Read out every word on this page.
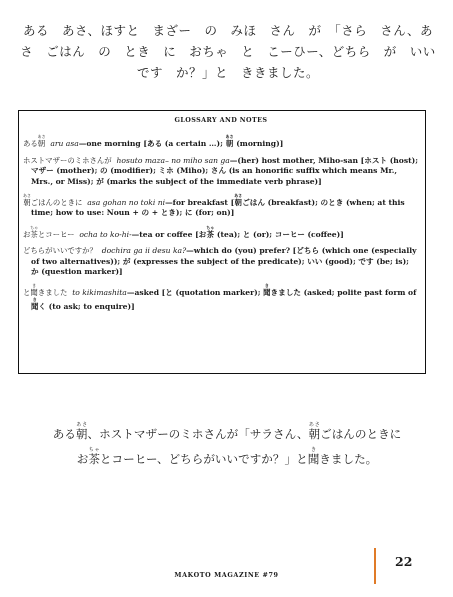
ある　あさ、ほすと　まざー　の　みほ　さん　が　「さら　さん、あ
さ　ごはん　の　とき　に　おちゃ　と　こーひー、どちら　が　いい
です　か？」と　ききました。
GLOSSARY AND NOTES
ある朝あさ  aru asa—one morning [ある (a certain …); 朝あさ (morning)]
ホストマザーのミホさんが hosuto maza– no miho san ga—(her) host mother, Miho-san [ホスト (host); マザー (mother); の (modifier); ミホ (Miho); さん (is an honorific suffix which means Mr., Mrs., or Miss); が (marks the subject of the immediate verb phrase)]
朝あさごはんのときに asa gohan no toki ni—for breakfast [朝あさごはん (breakfast); のとき (when; at this time; how to use: Noun + の + とき); に (for; on)]
お茶ちゃとコーヒー ocha to ko-hi-—tea or coffee [お茶ちゃ (tea); と (or); コーヒー (coffee)]
どちらがいいですか？ dochira ga ii desu ka?—which do (you) prefer? [どちら (which one (especially of two alternatives)); が (expresses the subject of the predicate); いい (good); です (be; is); か (question marker)]
と聞ききました to kikimashita—asked [と (quotation marker); 聞ききました (asked; polite past form of 聞きく (to ask; to enquire)]
ある朝あさ、ホストマザーのミホさんが「サラさん、朝あさごはんのときに
お茶ちゃとコーヒー、どちらがいいですか？」と聞ききました。
22
MAKOTO MAGAZINE #79
